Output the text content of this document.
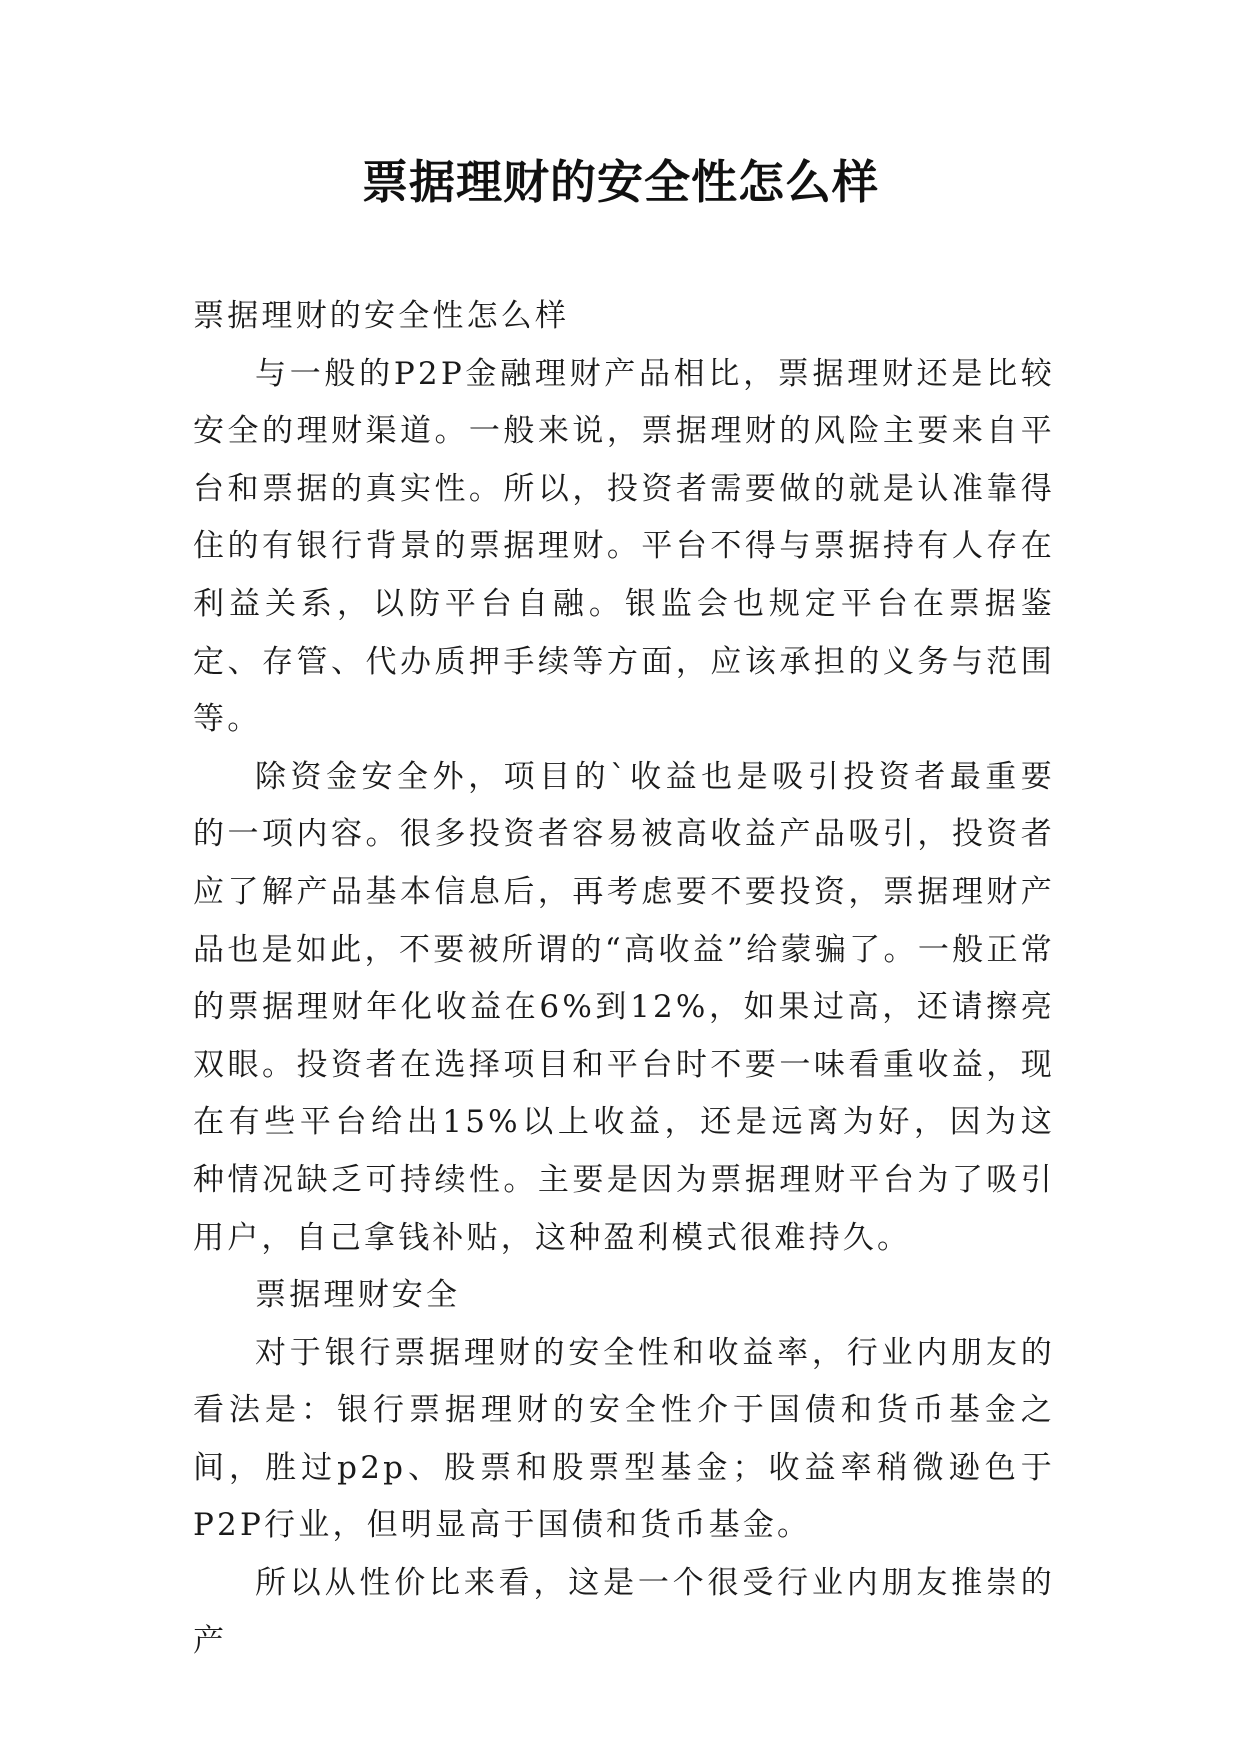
票据理财的安全性怎么样

票据理财的安全性怎么样

与一般的P2P金融理财产品相比，票据理财还是比较安全的理财渠道。一般来说，票据理财的风险主要来自平台和票据的真实性。所以，投资者需要做的就是认准靠得住的有银行背景的票据理财。平台不得与票据持有人存在利益关系，以防平台自融。银监会也规定平台在票据鉴定、存管、代办质押手续等方面，应该承担的义务与范围等。

除资金安全外，项目的`收益也是吸引投资者最重要的一项内容。很多投资者容易被高收益产品吸引，投资者应了解产品基本信息后，再考虑要不要投资，票据理财产品也是如此，不要被所谓的“高收益”给蒙骗了。一般正常的票据理财年化收益在6%到12%，如果过高，还请擦亮双眼。投资者在选择项目和平台时不要一味看重收益，现在有些平台给出15%以上收益，还是远离为好，因为这种情况缺乏可持续性。主要是因为票据理财平台为了吸引用户，自己拿钱补贴，这种盈利模式很难持久。

票据理财安全

对于银行票据理财的安全性和收益率，行业内朋友的看法是：银行票据理财的安全性介于国债和货币基金之间，胜过p2p、股票和股票型基金；收益率稍微逊色于P2P行业，但明显高于国债和货币基金。

所以从性价比来看，这是一个很受行业内朋友推崇的产
